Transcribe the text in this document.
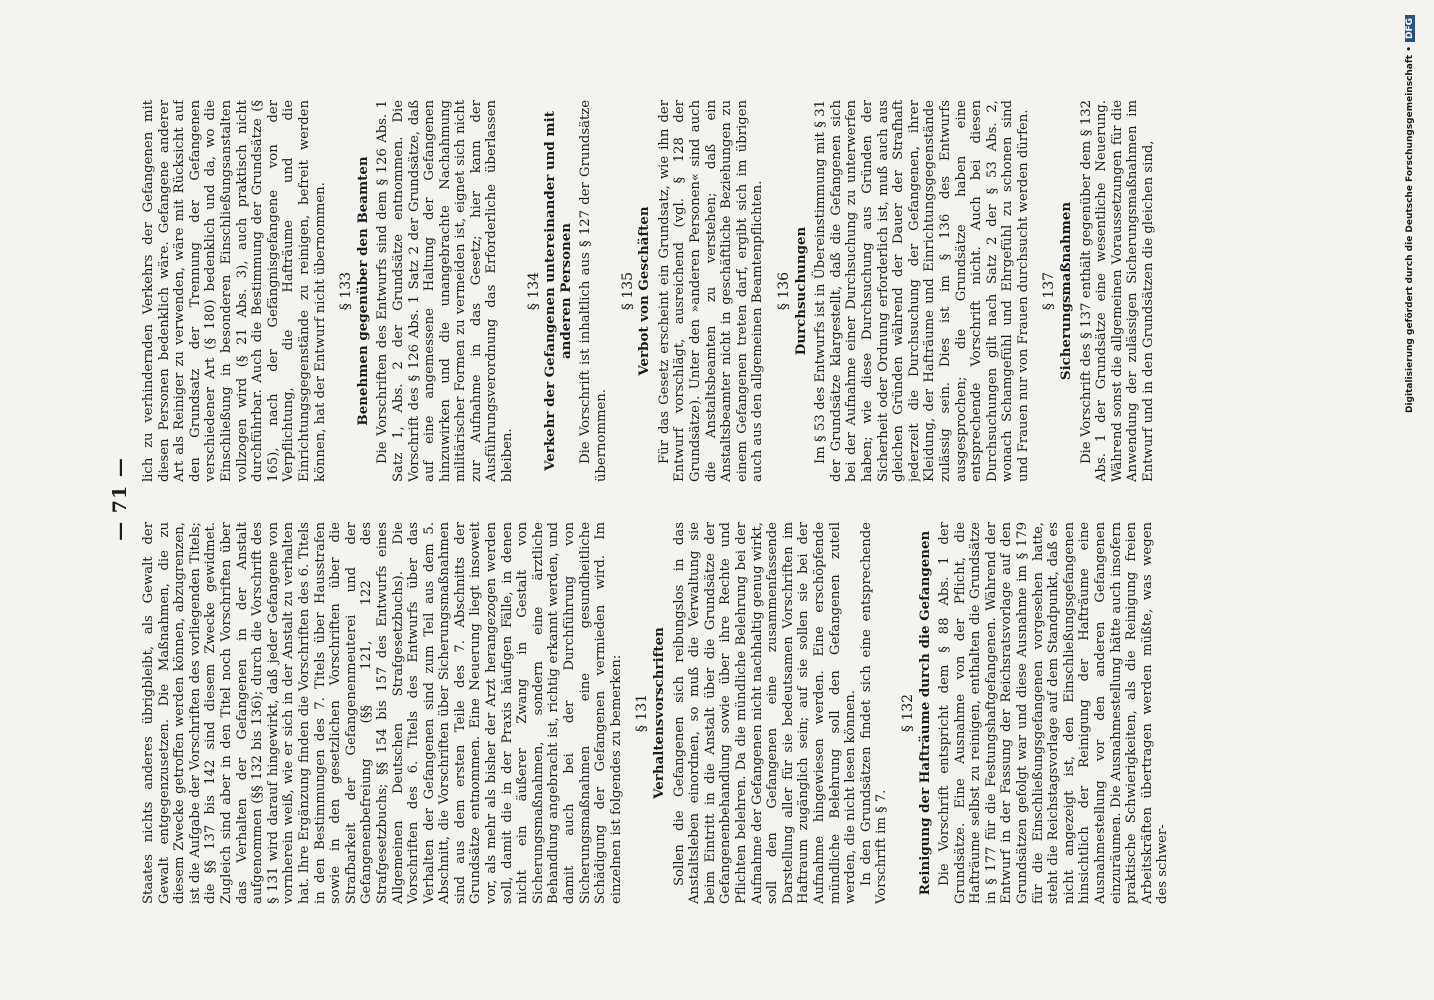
— 71 —

Staates nichts anderes übrigbleibt, als Gewalt der Gewalt entgegenzusetzen. Die Maßnahmen, die zu diesem Zwecke getroffen werden können, abzugrenzen, ist die Aufgabe der Vorschriften des vorliegenden Titels; die §§ 137 bis 142 sind diesem Zwecke gewidmet. Zugleich sind aber in den Titel noch Vorschriften über das Verhalten der Gefangenen in der Anstalt aufgenommen (§§ 132 bis 136); durch die Vorschrift des § 131 wird darauf hingewirkt, daß jeder Gefangene von vornherein weiß, wie er sich in der Anstalt zu verhalten hat. Ihre Ergänzung finden die Vorschriften des 6. Titels in den Bestimmungen des 7. Titels über Hausstrafen sowie in den gesetzlichen Vorschriften über die Strafbarkeit der Gefangenenmeuterei und der Gefangenenbefreiung (§§ 121, 122 des Strafgesetzbuchs; §§ 154 bis 157 des Entwurfs eines Allgemeinen Deutschen Strafgesetzbuchs). Die Vorschriften des 6. Titels des Entwurfs über das Verhalten der Gefangenen sind zum Teil aus dem 5. Abschnitt, die Vorschriften über Sicherungsmaßnahmen sind aus dem ersten Teile des 7. Abschnitts der Grundsätze entnommen. Eine Neuerung liegt insoweit vor, als mehr als bisher der Arzt herangezogen werden soll, damit die in der Praxis häufigen Fälle, in denen nicht ein äußerer Zwang in Gestalt von Sicherungsmaßnahmen, sondern eine ärztliche Behandlung angebracht ist, richtig erkannt werden, und damit auch bei der Durchführung von Sicherungsmaßnahmen eine gesundheitliche Schädigung der Gefangenen vermieden wird. Im einzelnen ist folgendes zu bemerken: § 131 Verhaltensvorschriften Sollen die Gefangenen sich reibungslos in das Anstaltsleben einordnen, so muß die Verwaltung sie beim Eintritt in die Anstalt über die Grundsätze der Gefangenenbehandlung sowie über ihre Rechte und Pflichten belehren. Da die mündliche Belehrung bei der Aufnahme der Gefangenen nicht nachhaltig genug wirkt, soll den Gefangenen eine zusammenfassende Darstellung aller für sie bedeutsamen Vorschriften im Haftraum zugänglich sein; auf sie sollen sie bei der Aufnahme hingewiesen werden. Eine erschöpfende mündliche Belehrung soll den Gefangenen zuteil werden, die nicht lesen können. In den Grundsätzen findet sich eine entsprechende Vorschrift im § 7.

§ 132 Reinigung der Hafträume durch die Gefangenen Die Vorschrift entspricht dem § 88 Abs. 1 der Grundsätze. Eine Ausnahme von der Pflicht, die Hafträume selbst zu reinigen, enthalten die Grundsätze in § 177 für die Festungshaftgefangenen. Während der Entwurf in der Fassung der Reichsratsvorlage auf den Grundsätzen gefolgt war und diese Ausnahme im § 179 für die Einschließungsgefangenen vorgesehen hatte, steht die Reichstagsvorlage auf dem Standpunkt, daß es nicht angezeigt ist, den Einschließungsgefangenen hinsichtlich der Reinigung der Hafträume eine Ausnahmestellung vor den anderen Gefangenen einzuräumen. Die Ausnahmestellung hätte auch insofern praktische Schwierigkeiten, als die Reinigung freien Arbeitskräften übertragen werden müßte, was wegen des schwer-

lich zu verhindernden Verkehrs der Gefangenen mit diesen Personen bedenklich wäre. Gefangene anderer Art als Reiniger zu verwenden, wäre mit Rücksicht auf den Grundsatz der Trennung der Gefangenen verschiedener Art (§ 180) bedenklich und da, wo die Einschließung in besonderen Einschließungsanstalten vollzogen wird (§ 21 Abs. 3), auch praktisch nicht durchführbar. Auch die Bestimmung der Grundsätze (§ 165), nach der Gefängnisgefangene von der Verpflichtung, die Hafträume und die Einrichtungsgegenstände zu reinigen, befreit werden können, hat der Entwurf nicht übernommen. § 133 Benehmen gegenüber den Beamten Die Vorschriften des Entwurfs sind dem § 126 Abs. 1 Satz 1, Abs. 2 der Grundsätze entnommen. Die Vorschrift des § 126 Abs. 1 Satz 2 der Grundsätze, daß auf eine angemessene Haltung der Gefangenen hinzuwirken und die unangebrachte Nachahmung militärischer Formen zu vermeiden ist, eignet sich nicht zur Aufnahme in das Gesetz; hier kann der Ausführungsverordnung das Erforderliche überlassen bleiben.

§ 134 Verkehr der Gefangenen untereinander und mit anderen Personen Die Vorschrift ist inhaltlich aus § 127 der Grundsätze übernommen.

§ 135 Verbot von Geschäften Für das Gesetz erscheint ein Grundsatz, wie ihn der Entwurf vorschlägt, ausreichend (vgl. § 128 der Grundsätze). Unter den »anderen Personen« sind auch die Anstaltsbeamten zu verstehen; daß ein Anstaltsbeamter nicht in geschäftliche Beziehungen zu einem Gefangenen treten darf, ergibt sich im übrigen auch aus den allgemeinen Beamtenpflichten. § 136 Durchsuchungen Im § 53 des Entwurfs ist in Übereinstimmung mit § 31 der Grundsätze klargestellt, daß die Gefangenen sich bei der Aufnahme einer Durchsuchung zu unterwerfen haben; wie diese Durchsuchung aus Gründen der Sicherheit oder Ordnung erforderlich ist, muß auch aus gleichen Gründen während der Dauer der Strafhaft jederzeit die Durchsuchung der Gefangenen, ihrer Kleidung, der Hafträume und Einrichtungsgegenstände zulässig sein. Dies ist im § 136 des Entwurfs ausgesprochen; die Grundsätze haben eine entsprechende Vorschrift nicht. Auch bei diesen Durchsuchungen gilt nach Satz 2 der § 53 Abs. 2, wonach Schamgefühl und Ehrgefühl zu schonen sind und Frauen nur von Frauen durchsucht werden dürfen. § 137 Sicherungsmaßnahmen Die Vorschrift des § 137 enthält gegenüber dem § 132 Abs. 1 der Grundsätze eine wesentliche Neuerung. Während sonst die allgemeinen Voraussetzungen für die Anwendung der zulässigen Sicherungsmaßnahmen im Entwurf und in den Grundsätzen die gleichen sind,	Digitalisierung gefördert durch die Deutsche Forschungsgemeinschaft •DFG
